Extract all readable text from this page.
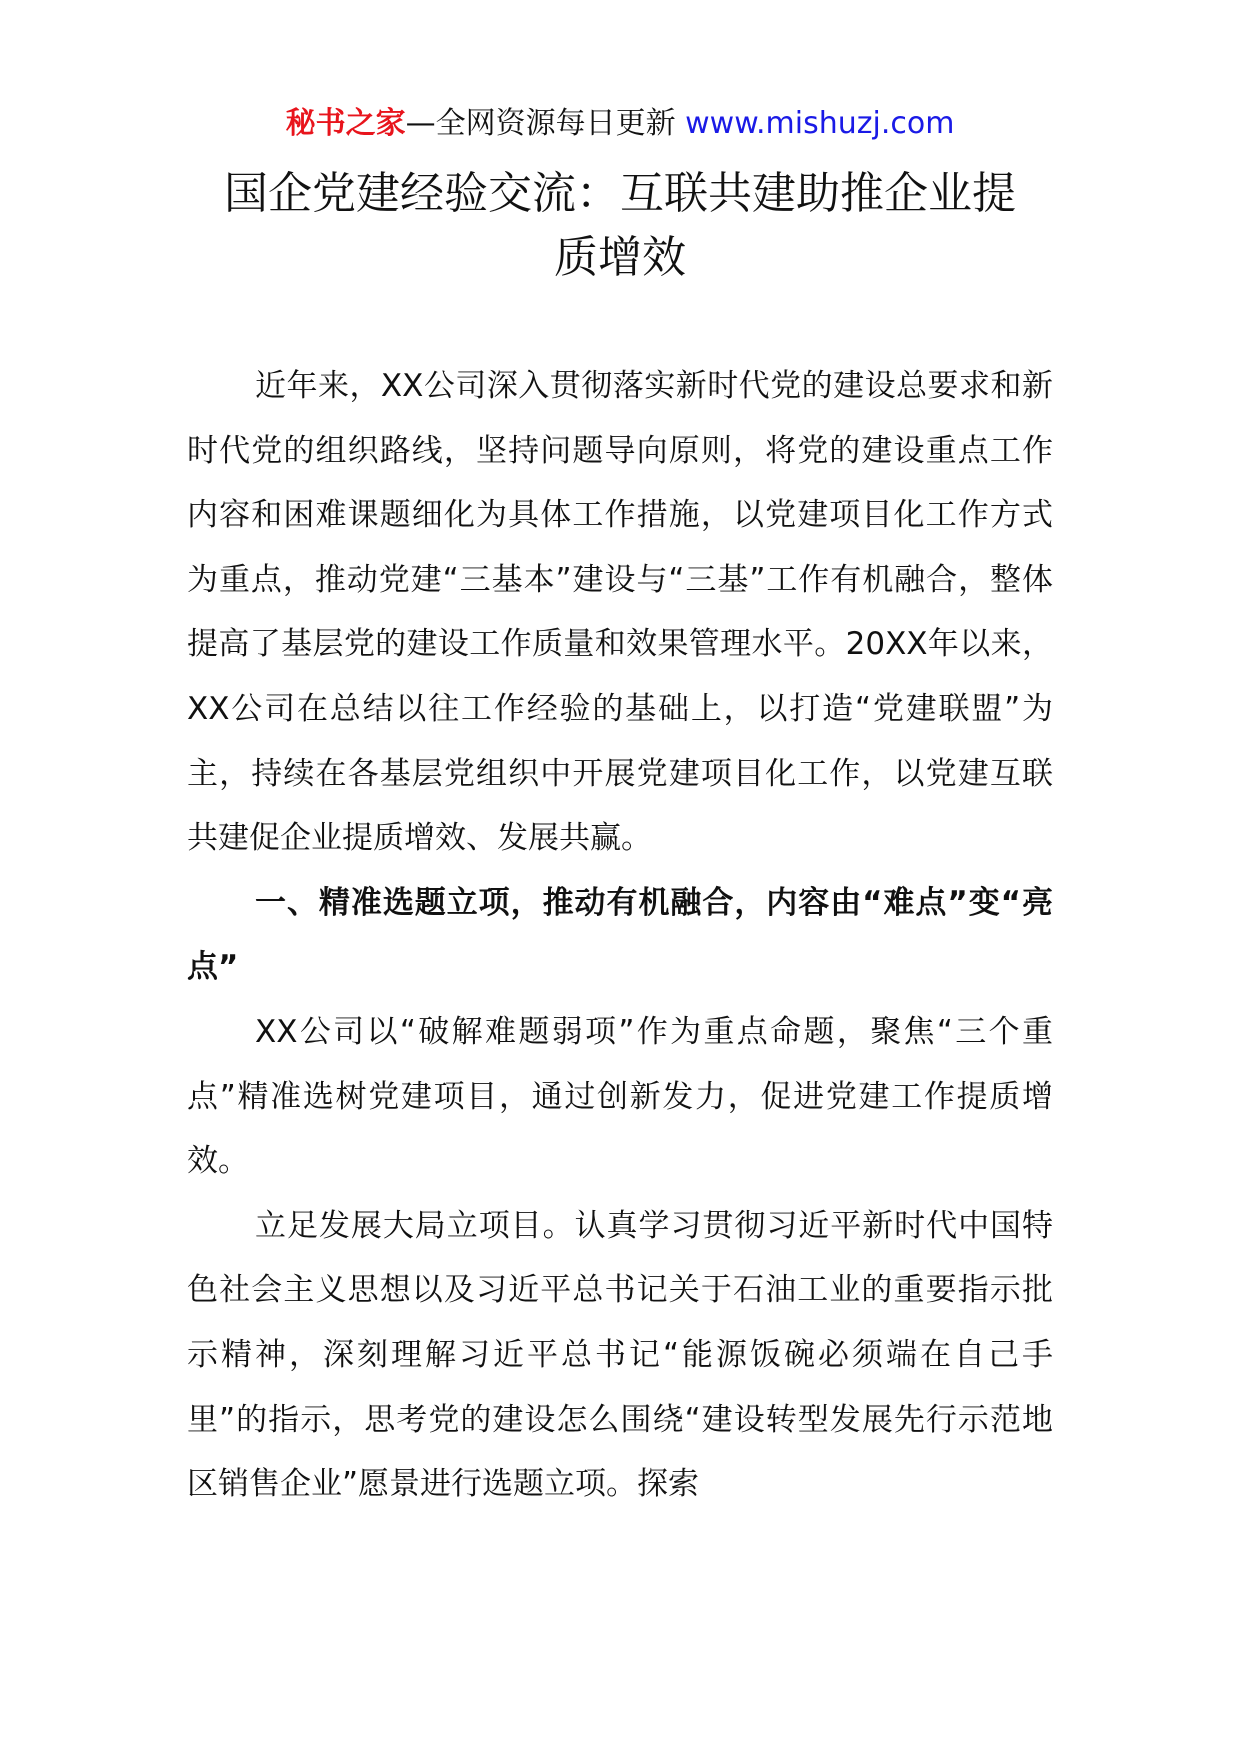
秘书之家—全网资源每日更新 www.mishuzj.com
国企党建经验交流：互联共建助推企业提
质增效

近年来，XX公司深入贯彻落实新时代党的建设总要求和新时代党的组织路线，坚持问题导向原则，将党的建设重点工作内容和困难课题细化为具体工作措施，以党建项目化工作方式为重点，推动党建“三基本”建设与“三基”工作有机融合，整体提高了基层党的建设工作质量和效果管理水平。20XX年以来，XX公司在总结以往工作经验的基础上，以打造“党建联盟”为主，持续在各基层党组织中开展党建项目化工作，以党建互联共建促企业提质增效、发展共赢。

一、精准选题立项，推动有机融合，内容由“难点”变“亮点”

XX公司以“破解难题弱项”作为重点命题，聚焦“三个重点”精准选树党建项目，通过创新发力，促进党建工作提质增效。

立足发展大局立项目。认真学习贯彻习近平新时代中国特色社会主义思想以及习近平总书记关于石油工业的重要指示批示精神，深刻理解习近平总书记“能源饭碗必须端在自己手里”的指示，思考党的建设怎么围绕“建设转型发展先行示范地区销售企业”愿景进行选题立项。探索
